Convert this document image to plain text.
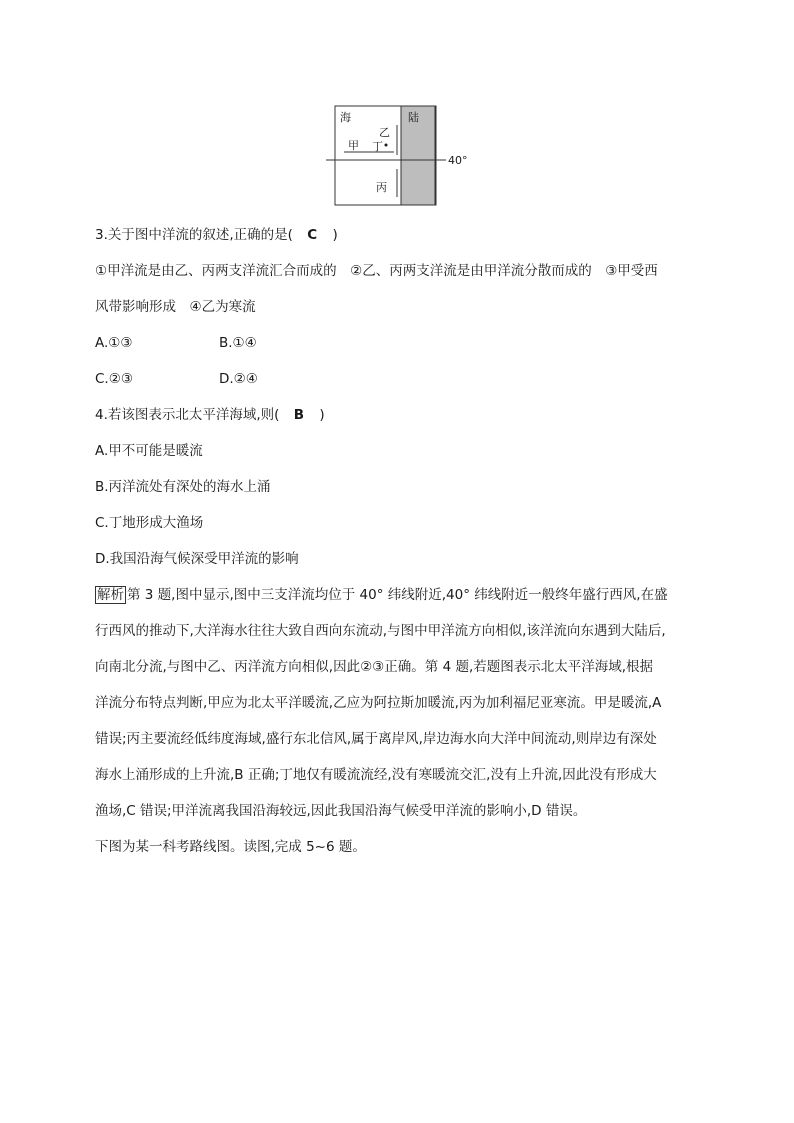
海	陆
40°
甲
乙
丁
丙
3.关于图中洋流的叙述,正确的是( C )
①甲洋流是由乙、丙两支洋流汇合而成的　②乙、丙两支洋流是由甲洋流分散而成的　③甲受西
风带影响形成　④乙为寒流
A.①③	B.①④
C.②③	D.②④
4.若该图表示北太平洋海域,则( B )
A.甲不可能是暖流
B.丙洋流处有深处的海水上涌
C.丁地形成大渔场
D.我国沿海气候深受甲洋流的影响
解析 第 3 题,图中显示,图中三支洋流均位于 40° 纬线附近,40° 纬线附近一般终年盛行西风,在盛
行西风的推动下,大洋海水往往大致自西向东流动,与图中甲洋流方向相似,该洋流向东遇到大陆后,
向南北分流,与图中乙、丙洋流方向相似,因此②③正确。第 4 题,若题图表示北太平洋海域,根据
洋流分布特点判断,甲应为北太平洋暖流,乙应为阿拉斯加暖流,丙为加利福尼亚寒流。甲是暖流,A
错误;丙主要流经低纬度海域,盛行东北信风,属于离岸风,岸边海水向大洋中间流动,则岸边有深处
海水上涌形成的上升流,B 正确;丁地仅有暖流流经,没有寒暖流交汇,没有上升流,因此没有形成大
渔场,C 错误;甲洋流离我国沿海较远,因此我国沿海气候受甲洋流的影响小,D 错误。
下图为某一科考路线图。读图,完成 5~6 题。
